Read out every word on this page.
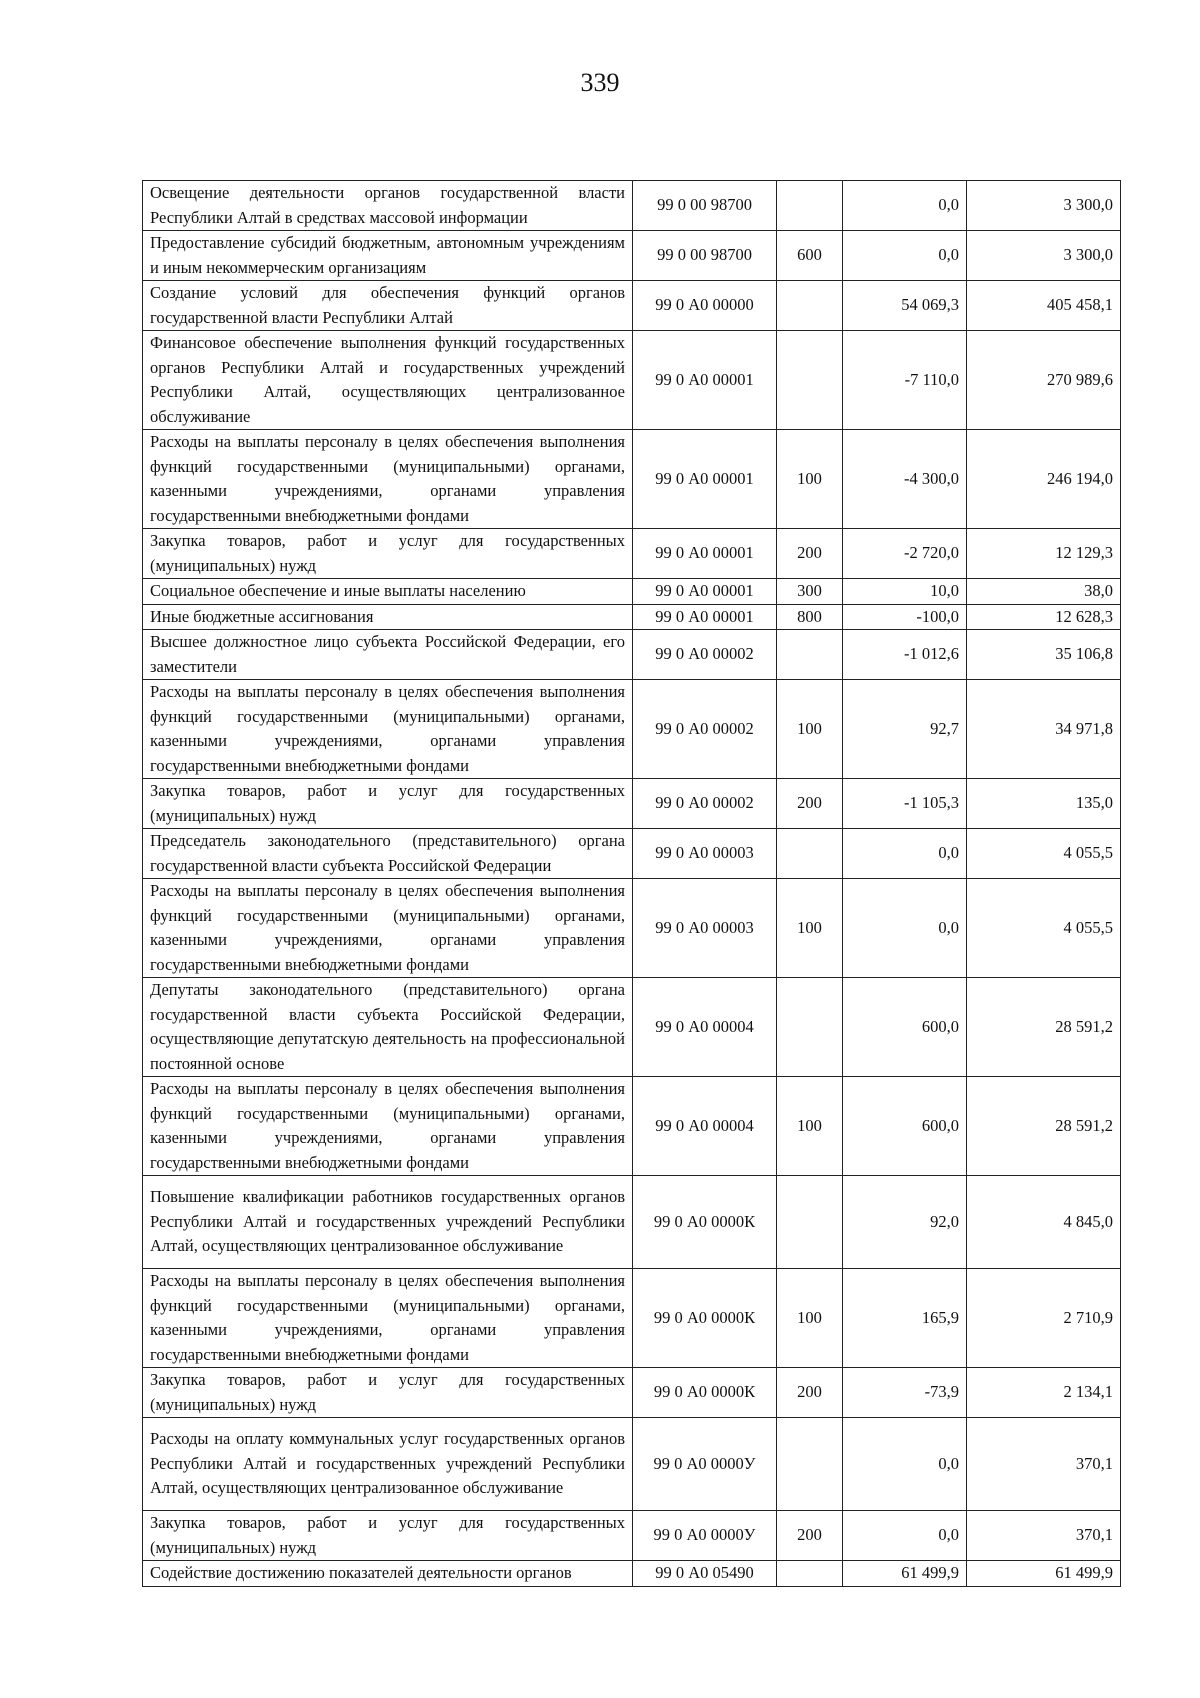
339
Освещение деятельности органов государственной власти Республики Алтай в средствах массовой информации	99 0 00 98700		0,0	3 300,0
Предоставление субсидий бюджетным, автономным учреждениям и иным некоммерческим организациям	99 0 00 98700	600	0,0	3 300,0
Создание условий для обеспечения функций органов государственной власти Республики Алтай	99 0 А0 00000		54 069,3	405 458,1
Финансовое обеспечение выполнения функций государственных органов Республики Алтай и государственных учреждений Республики Алтай, осуществляющих централизованное обслуживание	99 0 А0 00001		-7 110,0	270 989,6
Расходы на выплаты персоналу в целях обеспечения выполнения функций государственными (муниципальными) органами, казенными учреждениями, органами управления государственными внебюджетными фондами	99 0 А0 00001	100	-4 300,0	246 194,0
Закупка товаров, работ и услуг для государственных (муниципальных) нужд	99 0 А0 00001	200	-2 720,0	12 129,3
Социальное обеспечение и иные выплаты населению	99 0 А0 00001	300	10,0	38,0
Иные бюджетные ассигнования	99 0 А0 00001	800	-100,0	12 628,3
Высшее должностное лицо субъекта Российской Федерации, его заместители	99 0 А0 00002		-1 012,6	35 106,8
Расходы на выплаты персоналу в целях обеспечения выполнения функций государственными (муниципальными) органами, казенными учреждениями, органами управления государственными внебюджетными фондами	99 0 А0 00002	100	92,7	34 971,8
Закупка товаров, работ и услуг для государственных (муниципальных) нужд	99 0 А0 00002	200	-1 105,3	135,0
Председатель законодательного (представительного) органа государственной власти субъекта Российской Федерации	99 0 А0 00003		0,0	4 055,5
Расходы на выплаты персоналу в целях обеспечения выполнения функций государственными (муниципальными) органами, казенными учреждениями, органами управления государственными внебюджетными фондами	99 0 А0 00003	100	0,0	4 055,5
Депутаты законодательного (представительного) органа государственной власти субъекта Российской Федерации, осуществляющие депутатскую деятельность на профессиональной постоянной основе	99 0 А0 00004		600,0	28 591,2
Расходы на выплаты персоналу в целях обеспечения выполнения функций государственными (муниципальными) органами, казенными учреждениями, органами управления государственными внебюджетными фондами	99 0 А0 00004	100	600,0	28 591,2
Повышение квалификации работников государственных органов Республики Алтай и государственных учреждений Республики Алтай, осуществляющих централизованное обслуживание	99 0 А0 0000К		92,0	4 845,0
Расходы на выплаты персоналу в целях обеспечения выполнения функций государственными (муниципальными) органами, казенными учреждениями, органами управления государственными внебюджетными фондами	99 0 А0 0000К	100	165,9	2 710,9
Закупка товаров, работ и услуг для государственных (муниципальных) нужд	99 0 А0 0000К	200	-73,9	2 134,1
Расходы на оплату коммунальных услуг государственных органов Республики Алтай и государственных учреждений Республики Алтай, осуществляющих централизованное обслуживание	99 0 А0 0000У		0,0	370,1
Закупка товаров, работ и услуг для государственных (муниципальных) нужд	99 0 А0 0000У	200	0,0	370,1
Содействие достижению показателей деятельности органов	99 0 А0 05490		61 499,9	61 499,9
